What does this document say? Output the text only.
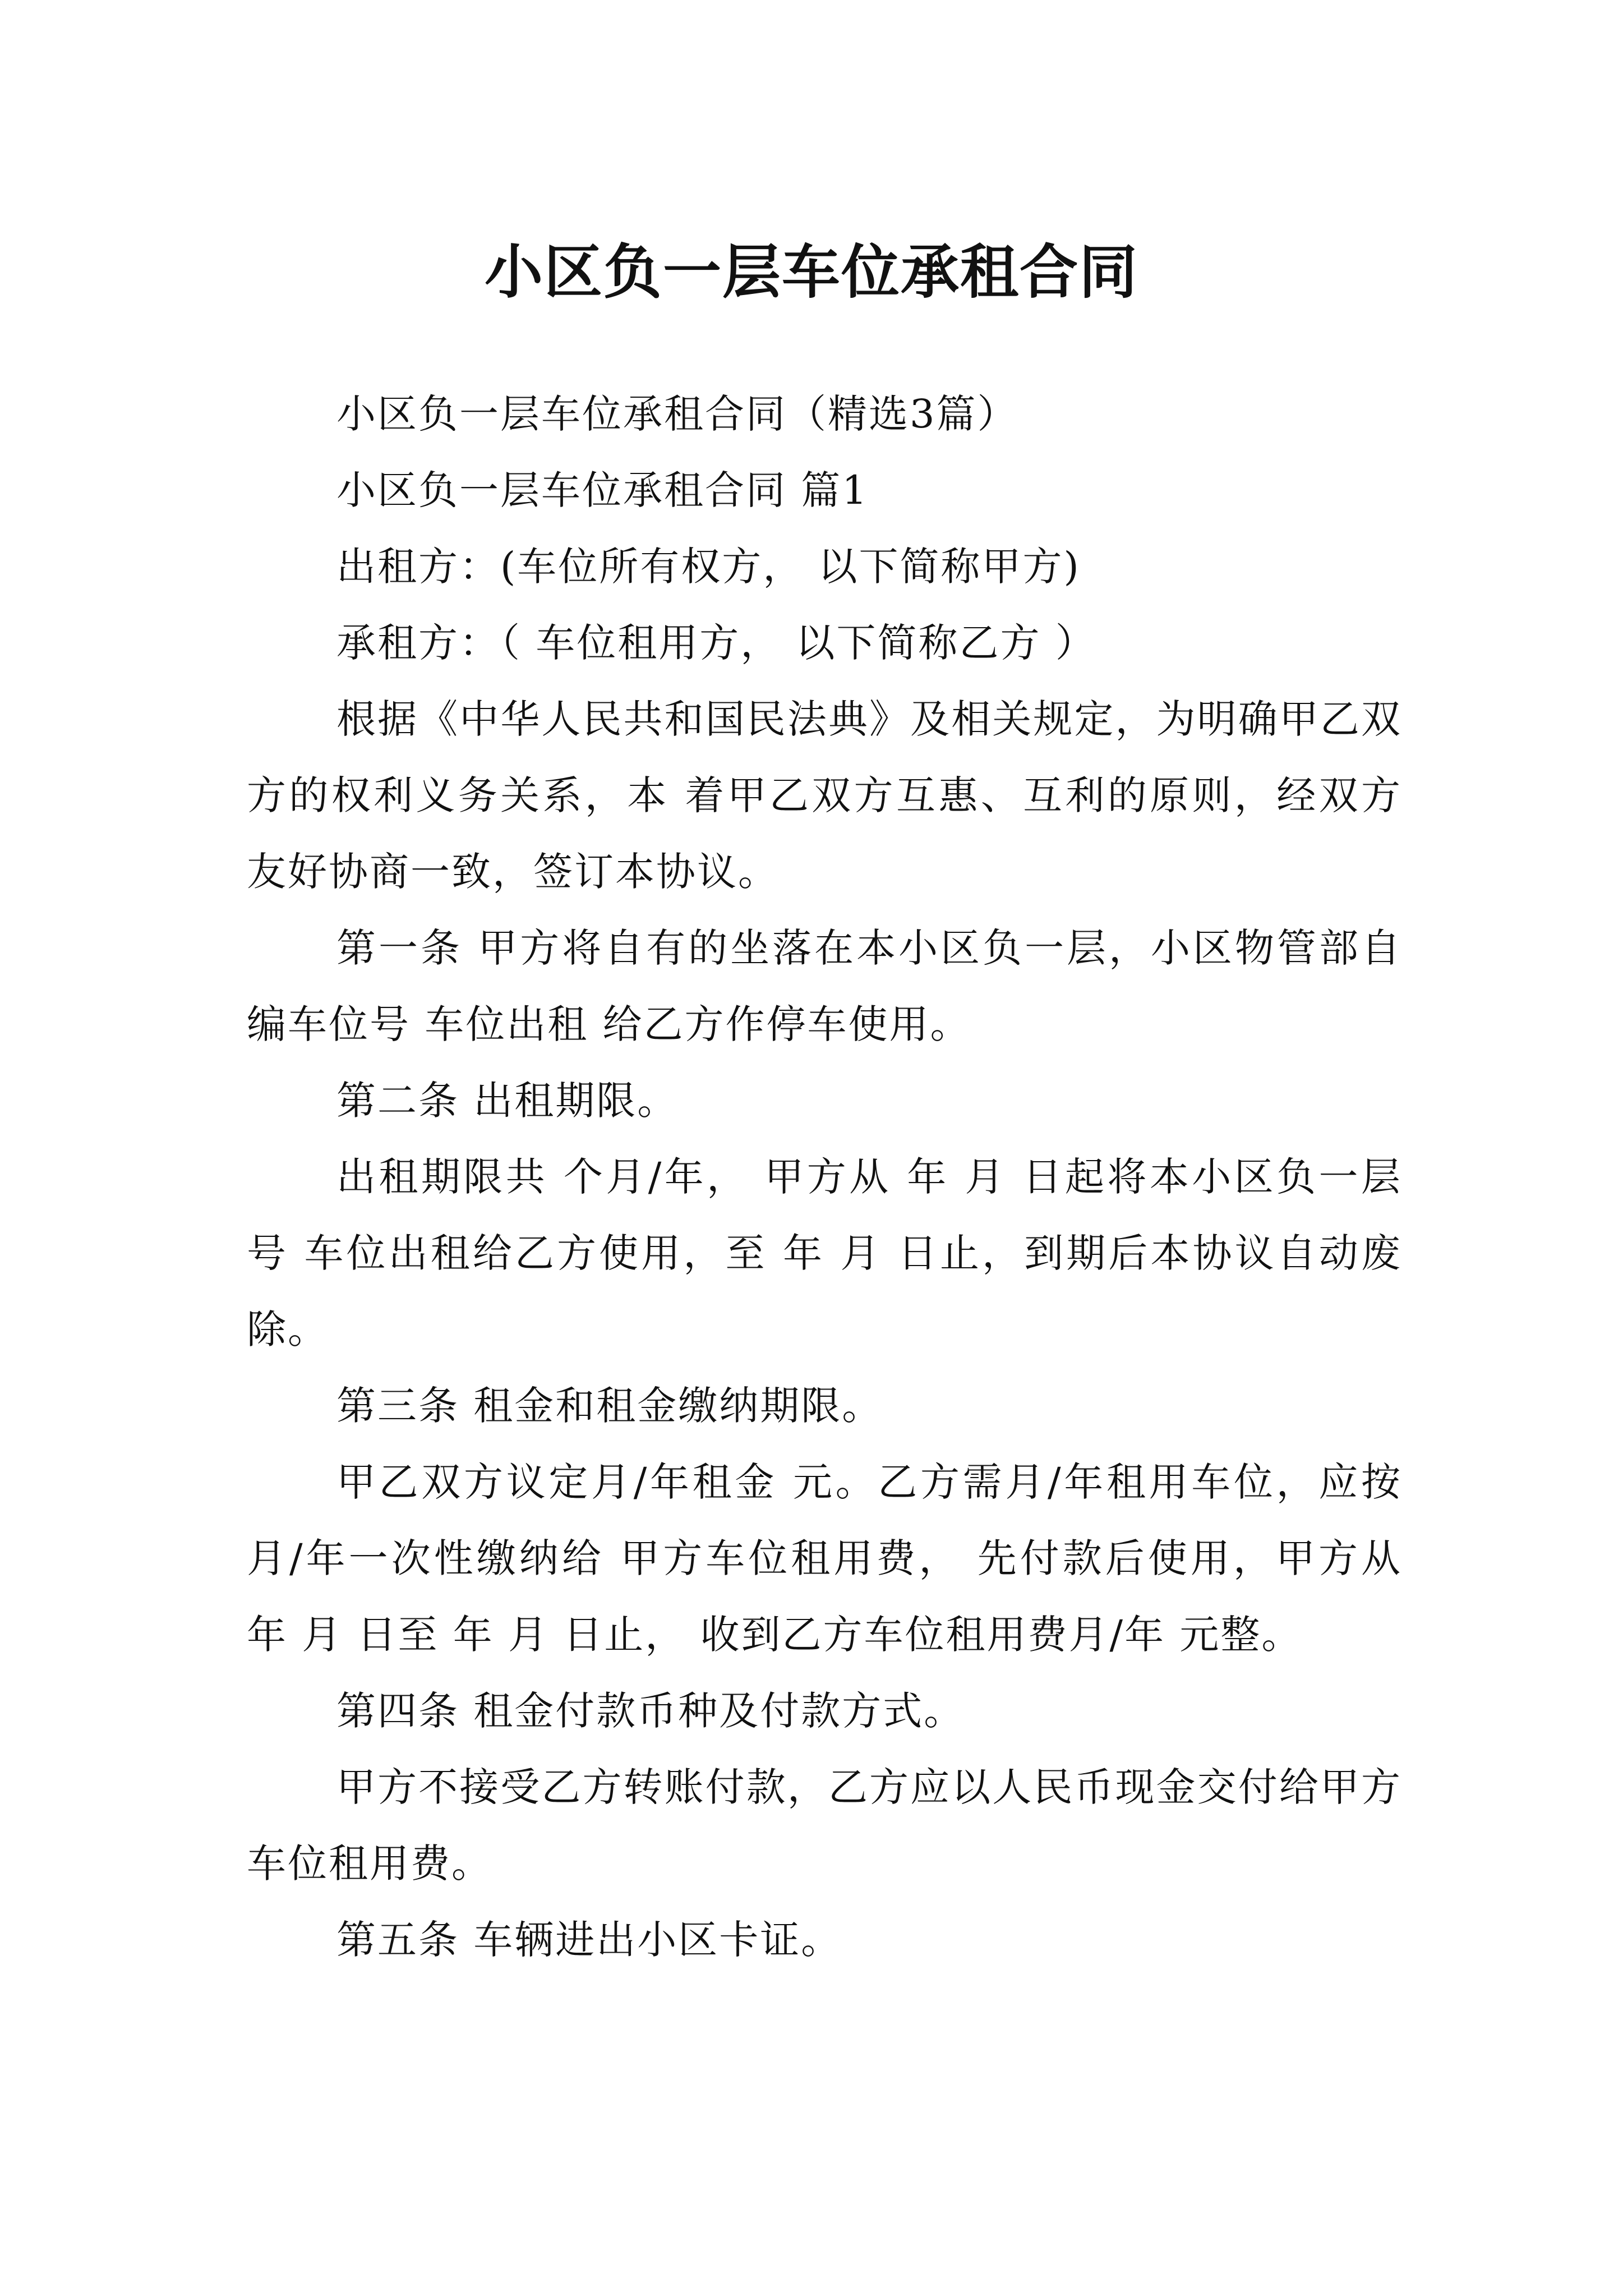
小区负一层车位承租合同

小区负一层车位承租合同（精选3篇）

小区负一层车位承租合同 篇1

出租方：(车位所有权方， 以下简称甲方)

承租方：（ 车位租用方， 以下简称乙方 ）

根据《中华人民共和国民法典》及相关规定，为明确甲乙双方的权利义务关系，本 着甲乙双方互惠、互利的原则，经双方友好协商一致，签订本协议。

第一条 甲方将自有的坐落在本小区负一层，小区物管部自编车位号 车位出租 给乙方作停车使用。

第二条 出租期限。

出租期限共 个月/年， 甲方从 年 月 日起将本小区负一层 号 车位出租给乙方使用，至 年 月 日止，到期后本协议自动废除。

第三条 租金和租金缴纳期限。

甲乙双方议定月/年租金 元。乙方需月/年租用车位，应按月/年一次性缴纳给 甲方车位租用费， 先付款后使用，甲方从 年 月 日至 年 月 日止， 收到乙方车位租用费月/年 元整。

第四条 租金付款币种及付款方式。

甲方不接受乙方转账付款，乙方应以人民币现金交付给甲方车位租用费。

第五条 车辆进出小区卡证。
